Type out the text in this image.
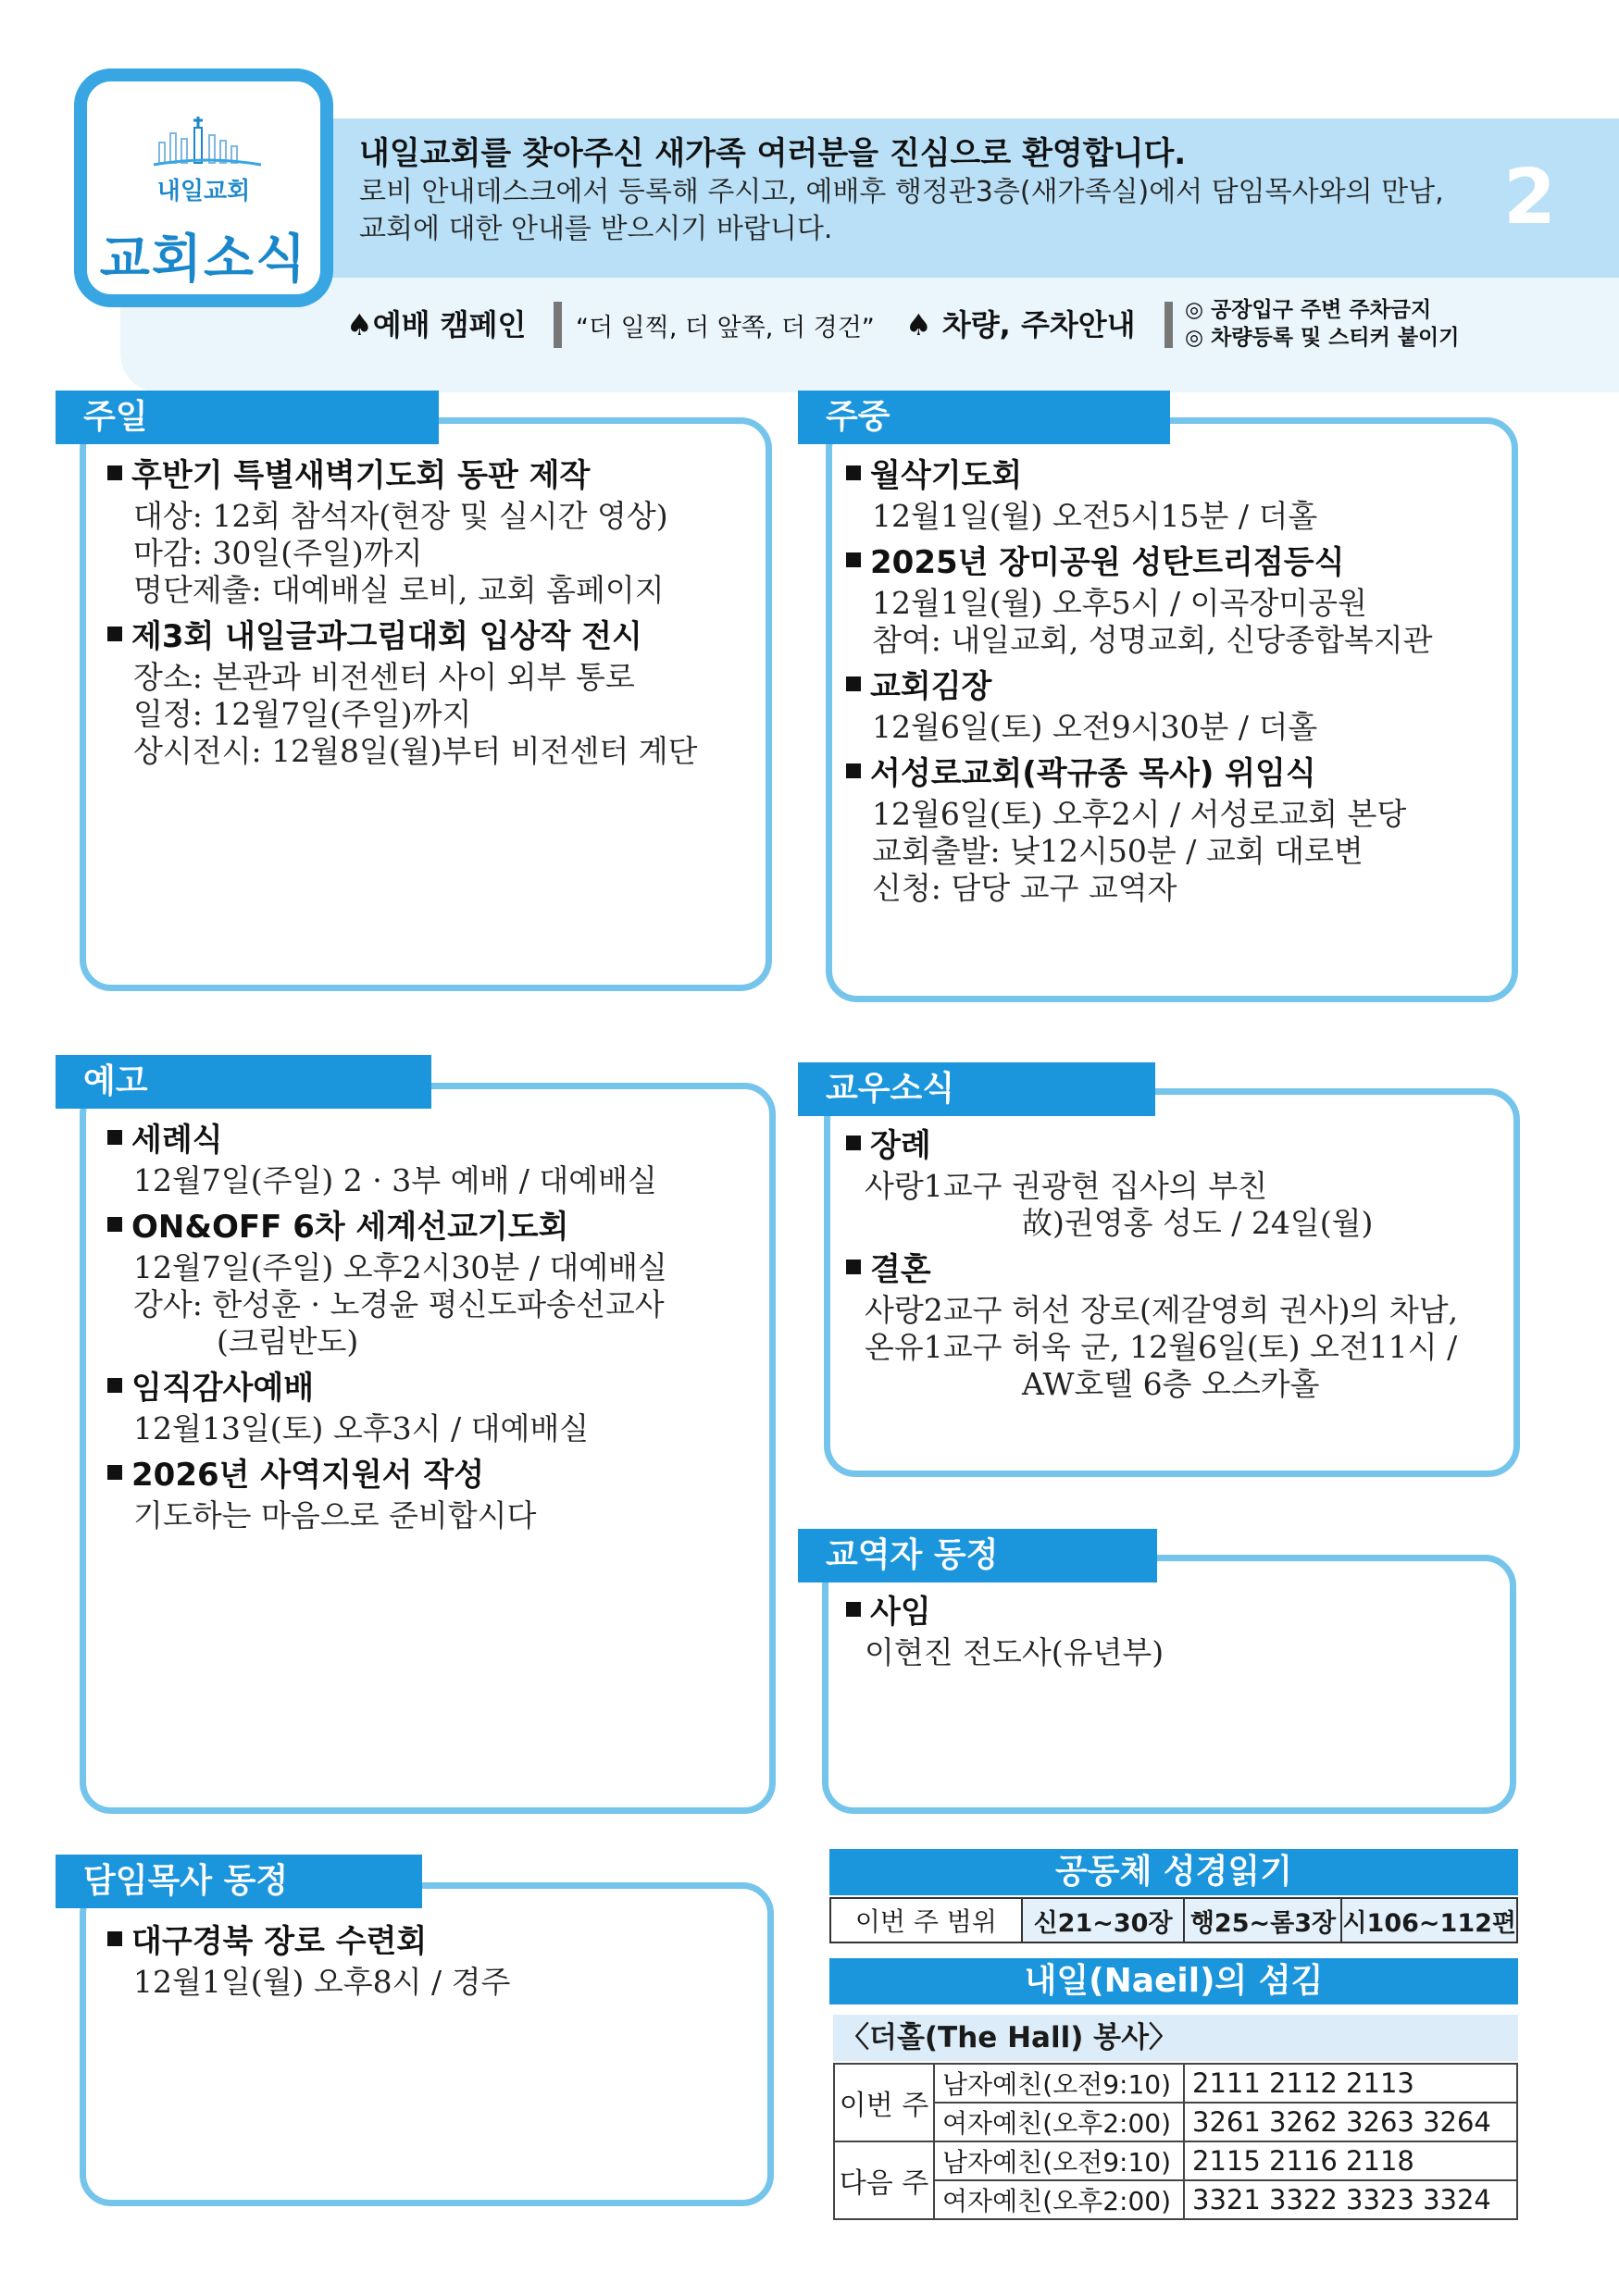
내일교회
교회소식
내일교회를 찾아주신 새가족 여러분을 진심으로 환영합니다.

로비 안내데스크에서 등록해 주시고, 예배후 행정관3층(새가족실)에서 담임목사와의 만남,

교회에 대한 안내를 받으시기 바랍니다.	2
♠예배 캠페인 “더 일찍, 더 앞쪽, 더 경건” ♠ 차량, 주차안내 ◎ 공장입구 주변 주차금지
◎ 차량등록 및 스티커 붙이기
주일
후반기 특별새벽기도회 동판 제작
대상: 12회 참석자(현장 및 실시간 영상)
마감: 30일(주일)까지
명단제출: 대예배실 로비, 교회 홈페이지
제3회 내일글과그림대회 입상작 전시
장소: 본관과 비전센터 사이 외부 통로
일정: 12월7일(주일)까지
상시전시: 12월8일(월)부터 비전센터 계단
주중
월삭기도회
12월1일(월) 오전5시15분 / 더홀
2025년 장미공원 성탄트리점등식
12월1일(월) 오후5시 / 이곡장미공원
참여: 내일교회, 성명교회, 신당종합복지관
교회김장
12월6일(토) 오전9시30분 / 더홀
서성로교회(곽규종 목사) 위임식
12월6일(토) 오후2시 / 서성로교회 본당
교회출발: 낮12시50분 / 교회 대로변
신청: 담당 교구 교역자
예고
세례식
12월7일(주일) 2 · 3부 예배 / 대예배실
ON&OFF 6차 세계선교기도회
12월7일(주일) 오후2시30분 / 대예배실
강사: 한성훈 · 노경윤 평신도파송선교사
(크림반도)
임직감사예배
12월13일(토) 오후3시 / 대예배실
2026년 사역지원서 작성
기도하는 마음으로 준비합시다
교우소식
장례
사랑1교구 권광현 집사의 부친
故)권영홍 성도 / 24일(월)
결혼
사랑2교구 허선 장로(제갈영희 권사)의 차남,
온유1교구 허욱 군, 12월6일(토) 오전11시 /
AW호텔 6층 오스카홀
교역자 동정
사임
이현진 전도사(유년부)
담임목사 동정
대구경북 장로 수련회
12월1일(월) 오후8시 / 경주
공동체 성경읽기
이번 주 범위	신21~30장	행25~롬3장	시106~112편
내일(Naeil)의 섬김
〈더홀(The Hall) 봉사〉
이번 주	남자예친(오전9:10)	2111 2112 2113
	여자예친(오후2:00)	3261 3262 3263 3264
다음 주	남자예친(오전9:10)	2115 2116 2118
	여자예친(오후2:00)	3321 3322 3323 3324
